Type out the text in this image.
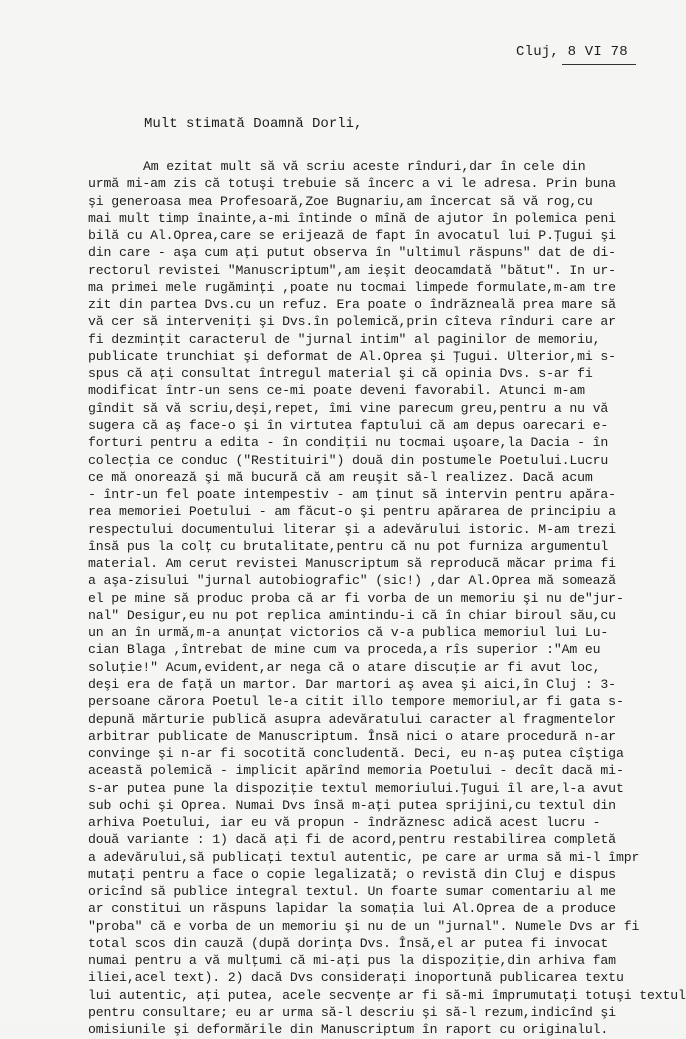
Cluj, 8 VI 78
Mult stimată Doamnă Dorli,
Am ezitat mult să vă scriu aceste rînduri,dar în cele din
urmă mi-am zis că totuşi trebuie să încerc a vi le adresa. Prin buna
şi generoasa mea Profesoară,Zoe Bugnariu,am încercat să vă rog,cu
mai mult timp înainte,a-mi întinde o mînă de ajutor în polemica peni
bilă cu Al.Oprea,care se erijează de fapt în avocatul lui P.Ţugui şi
din care - aşa cum aţi putut observa în "ultimul răspuns" dat de di-
rectorul revistei "Manuscriptum",am ieşit deocamdată "bătut". In ur-
ma primei mele rugăminţi ,poate nu tocmai limpede formulate,m-am tre
zit din partea Dvs.cu un refuz. Era poate o îndrăzneală prea mare să
vă cer să interveniţi şi Dvs.în polemică,prin cîteva rînduri care ar
fi dezminţit caracterul de "jurnal intim" al paginilor de memoriu,
publicate trunchiat şi deformat de Al.Oprea şi Ţugui. Ulterior,mi s-
spus că aţi consultat întregul material şi că opinia Dvs. s-ar fi
modificat într-un sens ce-mi poate deveni favorabil. Atunci m-am
gîndit să vă scriu,deşi,repet, îmi vine parecum greu,pentru a nu vă
sugera că aş face-o şi în virtutea faptului că am depus oarecari e-
forturi pentru a edita - în condiţii nu tocmai uşoare,la Dacia - în
colecţia ce conduc ("Restituiri") două din postumele Poetului.Lucru
ce mă onorează şi mă bucură că am reuşit să-l realizez. Dacă acum
- într-un fel poate intempestiv - am ţinut să intervin pentru apăra-
rea memoriei Poetului - am făcut-o şi pentru apărarea de principiu a
respectului documentului literar şi a adevărului istoric. M-am trezi
însă pus la colţ cu brutalitate,pentru că nu pot furniza argumentul
material. Am cerut revistei Manuscriptum să reproducă măcar prima fi
a aşa-zisului "jurnal autobiografic" (sic!) ,dar Al.Oprea mă somează
el pe mine să produc proba că ar fi vorba de un memoriu şi nu de"jur-
nal" Desigur,eu nu pot replica amintindu-i că în chiar biroul său,cu
un an în urmă,m-a anunţat victorios că v-a publica memoriul lui Lu-
cian Blaga ,întrebat de mine cum va proceda,a rîs superior :"Am eu
soluţie!" Acum,evident,ar nega că o atare discuţie ar fi avut loc,
deşi era de faţă un martor. Dar martori aş avea şi aici,în Cluj : 3-
persoane cărora Poetul le-a citit illo tempore memoriul,ar fi gata s-
depună mărturie publică asupra adevăratului caracter al fragmentelor
arbitrar publicate de Manuscriptum. Însă nici o atare procedură n-ar
convinge şi n-ar fi socotită concludentă. Deci, eu n-aş putea cîştiga
această polemică - implicit apărînd memoria Poetului - decît dacă mi-
s-ar putea pune la dispoziţie textul memoriului.Ţugui îl are,l-a avut
sub ochi şi Oprea. Numai Dvs însă m-aţi putea sprijini,cu textul din
arhiva Poetului, iar eu vă propun - îndrăznesc adică acest lucru -
două variante : 1) dacă aţi fi de acord,pentru restabilirea completă
a adevărului,să publicaţi textul autentic, pe care ar urma să mi-l împr
mutaţi pentru a face o copie legalizată; o revistă din Cluj e dispus
oricînd să publice integral textul. Un foarte sumar comentariu al me
ar constitui un răspuns lapidar la somaţia lui Al.Oprea de a produce
"proba" că e vorba de un memoriu şi nu de un "jurnal". Numele Dvs ar fi
total scos din cauză (după dorinţa Dvs. Însă,el ar putea fi invocat
numai pentru a vă mulţumi că mi-aţi pus la dispoziţie,din arhiva fam
iliei,acel text). 2) dacă Dvs consideraţi inoportună publicarea textu
lui autentic, aţi putea, acele secvenţe ar fi să-mi împrumutaţi totuşi textul
pentru consultare; eu ar urma să-l descriu şi să-l rezum,indicînd şi
omisiunile şi deformările din Manuscriptum în raport cu originalul.
